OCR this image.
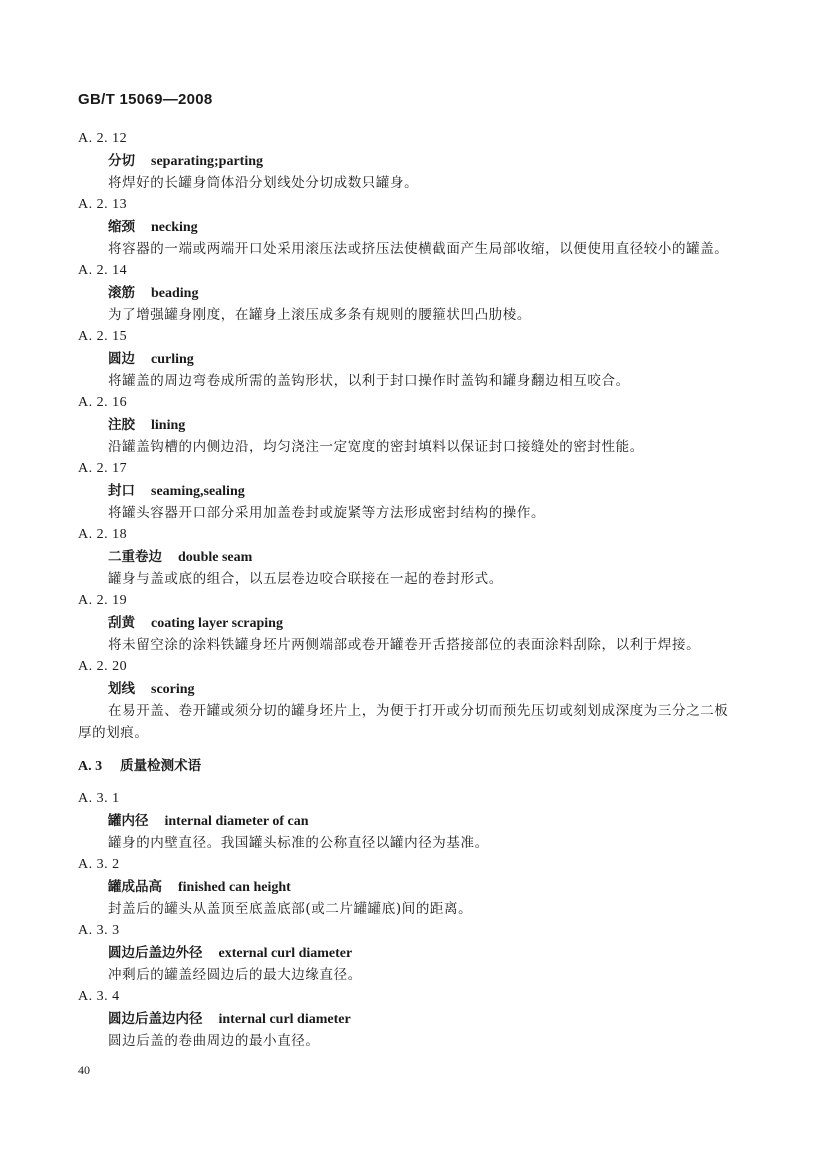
GB/T 15069—2008
A. 2. 12
分切 separating;parting
将焊好的长罐身筒体沿分划线处分切成数只罐身。
A. 2. 13
缩颈 necking
将容器的一端或两端开口处采用滚压法或挤压法使横截面产生局部收缩，以便使用直径较小的罐盖。
A. 2. 14
滚筋 beading
为了增强罐身刚度，在罐身上滚压成多条有规则的腰箍状凹凸肋棱。
A. 2. 15
圆边 curling
将罐盖的周边弯卷成所需的盖钩形状，以利于封口操作时盖钩和罐身翻边相互咬合。
A. 2. 16
注胶 lining
沿罐盖钩槽的内侧边沿，均匀浇注一定宽度的密封填料以保证封口接缝处的密封性能。
A. 2. 17
封口 seaming,sealing
将罐头容器开口部分采用加盖卷封或旋紧等方法形成密封结构的操作。
A. 2. 18
二重卷边 double seam
罐身与盖或底的组合，以五层卷边咬合联接在一起的卷封形式。
A. 2. 19
刮黄 coating layer scraping
将未留空涂的涂料铁罐身坯片两侧端部或卷开罐卷开舌搭接部位的表面涂料刮除，以利于焊接。
A. 2. 20
划线 scoring
在易开盖、卷开罐或须分切的罐身坯片上，为便于打开或分切而预先压切或刻划成深度为三分之二板厚的划痕。
A. 3 质量检测术语
A. 3. 1
罐内径 internal diameter of can
罐身的内壁直径。我国罐头标准的公称直径以罐内径为基准。
A. 3. 2
罐成品高 finished can height
封盖后的罐头从盖顶至底盖底部(或二片罐罐底)间的距离。
A. 3. 3
圆边后盖边外径 external curl diameter
冲剩后的罐盖经圆边后的最大边缘直径。
A. 3. 4
圆边后盖边内径 internal curl diameter
圆边后盖的卷曲周边的最小直径。
40
